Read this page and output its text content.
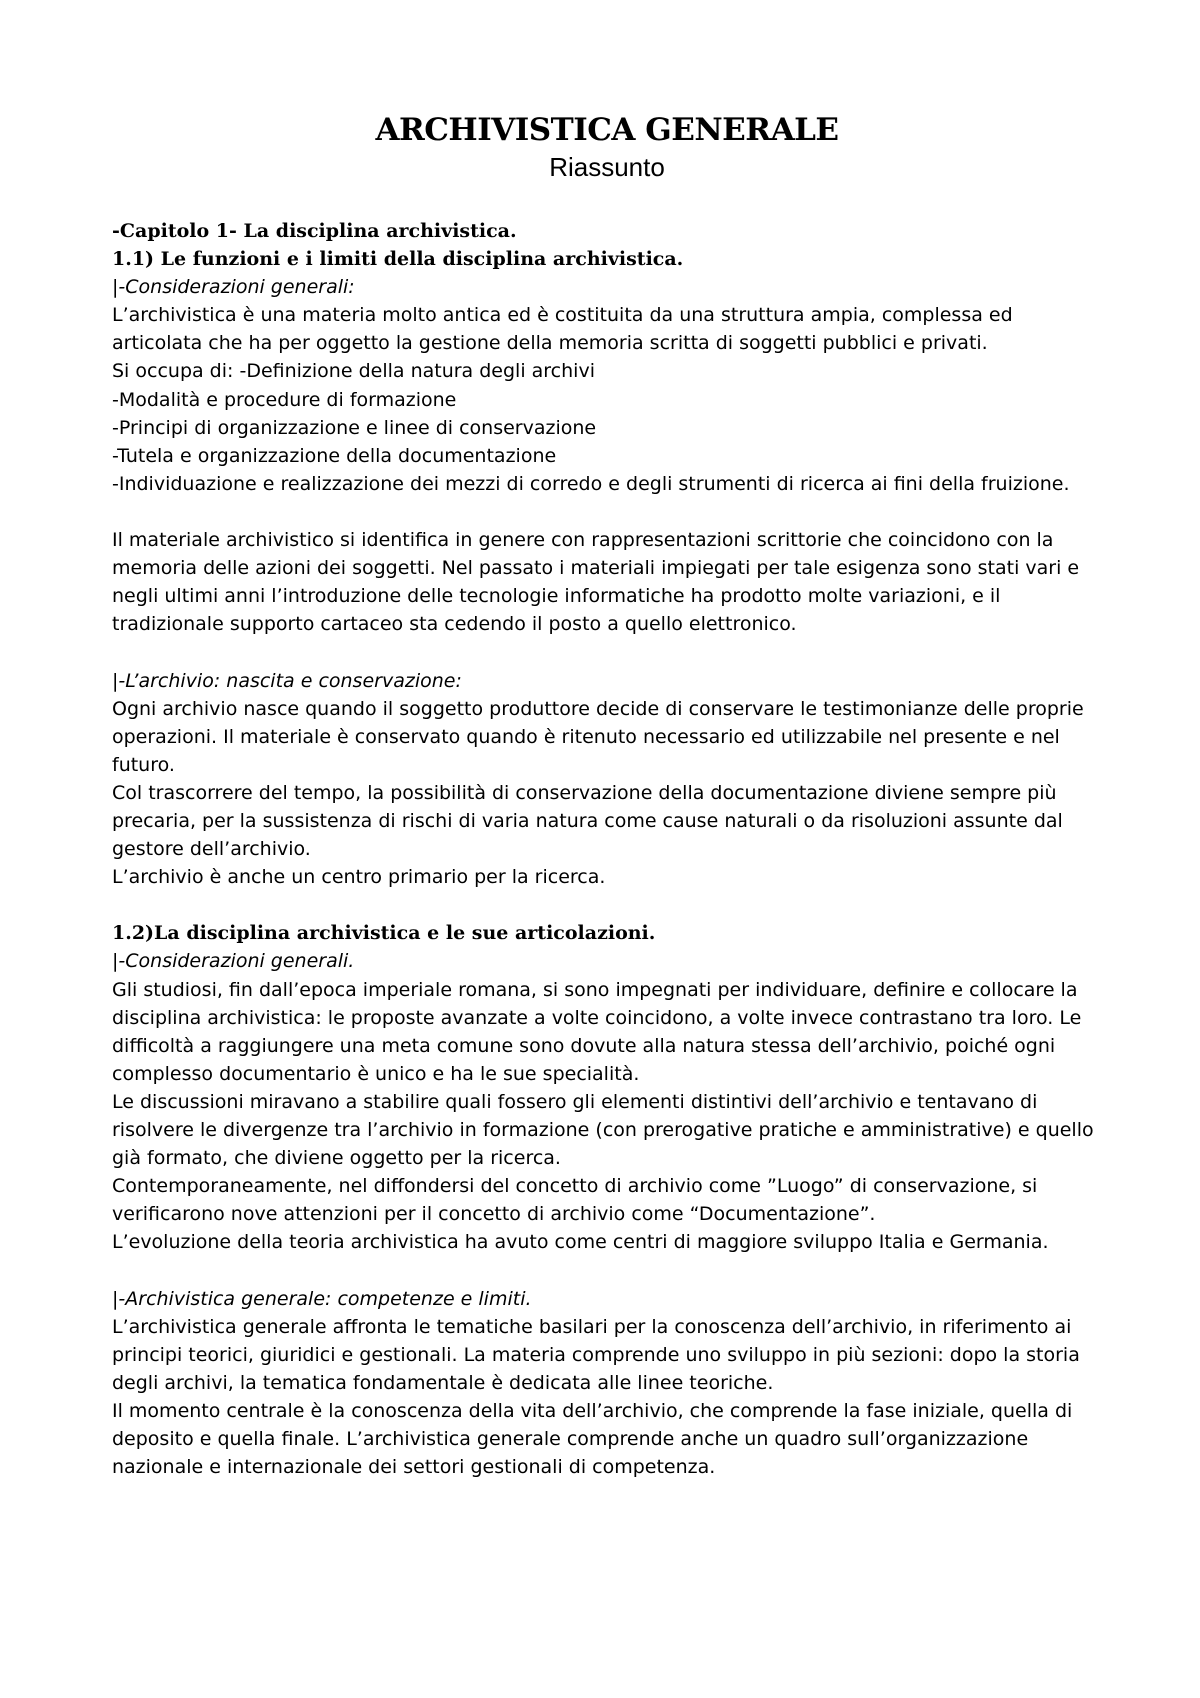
ARCHIVISTICA GENERALE
Riassunto

-Capitolo 1- La disciplina archivistica.

1.1) Le funzioni e i limiti della disciplina archivistica.

|-Considerazioni generali:

L’archivistica è una materia molto antica ed è costituita da una struttura ampia, complessa ed articolata che ha per oggetto la gestione della memoria scritta di soggetti pubblici e privati.

Si occupa di: -Definizione della natura degli archivi

-Modalità e procedure di formazione

-Principi di organizzazione e linee di conservazione

-Tutela e organizzazione della documentazione

-Individuazione e realizzazione dei mezzi di corredo e degli strumenti di ricerca ai fini della fruizione.

Il materiale archivistico si identifica in genere con rappresentazioni scrittorie che coincidono con la memoria delle azioni dei soggetti. Nel passato i materiali impiegati per tale esigenza sono stati vari e negli ultimi anni l’introduzione delle tecnologie informatiche ha prodotto molte variazioni, e il tradizionale supporto cartaceo sta cedendo il posto a quello elettronico.

|-L’archivio: nascita e conservazione:

Ogni archivio nasce quando il soggetto produttore decide di conservare le testimonianze delle proprie operazioni. Il materiale è conservato quando è ritenuto necessario ed utilizzabile nel presente e nel futuro.

Col trascorrere del tempo, la possibilità di conservazione della documentazione diviene sempre più precaria, per la sussistenza di rischi di varia natura come cause naturali o da risoluzioni assunte dal gestore dell’archivio.

L’archivio è anche un centro primario per la ricerca.

1.2)La disciplina archivistica e le sue articolazioni.

|-Considerazioni generali.

Gli studiosi, fin dall’epoca imperiale romana, si sono impegnati per individuare, definire e collocare la disciplina archivistica: le proposte avanzate a volte coincidono, a volte invece contrastano tra loro. Le difficoltà a raggiungere una meta comune sono dovute alla natura stessa dell’archivio, poiché ogni complesso documentario è unico e ha le sue specialità.

Le discussioni miravano a stabilire quali fossero gli elementi distintivi dell’archivio e tentavano di risolvere le divergenze tra l’archivio in formazione (con prerogative pratiche e amministrative) e quello già formato, che diviene oggetto per la ricerca.

Contemporaneamente, nel diffondersi del concetto di archivio come ”Luogo” di conservazione, si verificarono nove attenzioni per il concetto di archivio come “Documentazione”.

L’evoluzione della teoria archivistica ha avuto come centri di maggiore sviluppo Italia e Germania.

|-Archivistica generale: competenze e limiti.

L’archivistica generale affronta le tematiche basilari per la conoscenza dell’archivio, in riferimento ai principi teorici, giuridici e gestionali. La materia comprende uno sviluppo in più sezioni: dopo la storia degli archivi, la tematica fondamentale è dedicata alle linee teoriche.

Il momento centrale è la conoscenza della vita dell’archivio, che comprende la fase iniziale, quella di deposito e quella finale. L’archivistica generale comprende anche un quadro sull’organizzazione nazionale e internazionale dei settori gestionali di competenza.
